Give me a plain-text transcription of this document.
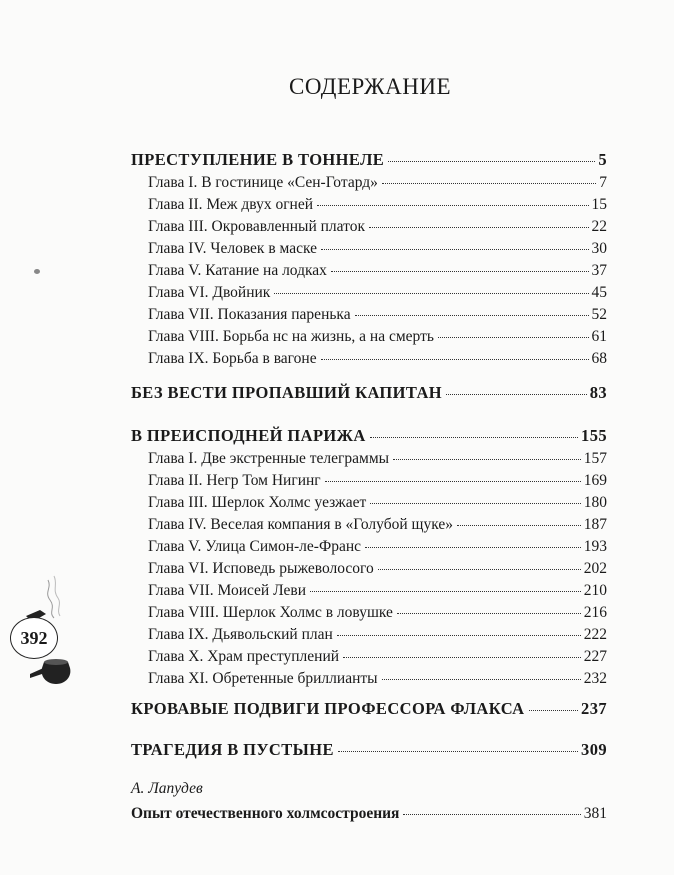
СОДЕРЖАНИЕ
ПРЕСТУПЛЕНИЕ В ТОННЕЛЕ	5
Глава I. В гостинице «Сен-Готард»	7
Глава II. Меж двух огней	15
Глава III. Окровавленный платок	22
Глава IV. Человек в маске	30
Глава V. Катание на лодках	37
Глава VI. Двойник	45
Глава VII. Показания паренька	52
Глава VIII. Борьба нс на жизнь, а на смерть	61
Глава IX. Борьба в вагоне	68
БЕЗ ВЕСТИ ПРОПАВШИЙ КАПИТАН	83
В ПРЕИСПОДНЕЙ ПАРИЖА	155
Глава I. Две экстренные телеграммы	157
Глава II. Негр Том Нигинг	169
Глава III. Шерлок Холмс уезжает	180
Глава IV. Веселая компания в «Голубой щуке»	187
Глава V. Улица Симон-ле-Франс	193
Глава VI. Исповедь рыжеволосого	202
Глава VII. Моисей Леви	210
Глава VIII. Шерлок Холмс в ловушке	216
Глава IX. Дьявольский план	222
Глава X. Храм преступлений	227
Глава XI. Обретенные бриллианты	232
КРОВАВЫЕ ПОДВИГИ ПРОФЕССОРА ФЛАКСА	237
ТРАГЕДИЯ В ПУСТЫНЕ	309
А. Лапудев
Опыт отечественного холмсостроения	381
392
